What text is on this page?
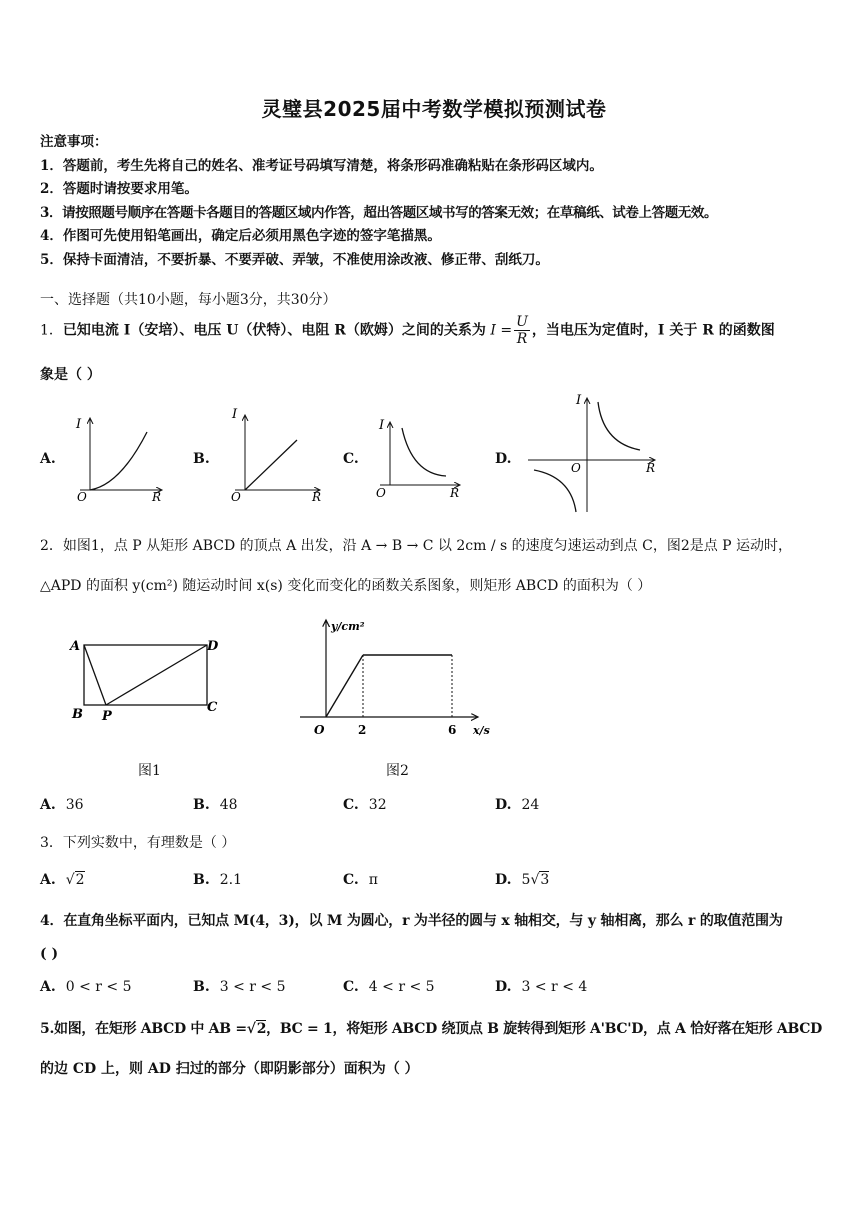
灵璧县2025届中考数学模拟预测试卷
注意事项：
1．答题前，考生先将自己的姓名、准考证号码填写清楚，将条形码准确粘贴在条形码区域内。
2．答题时请按要求用笔。
3．请按照题号顺序在答题卡各题目的答题区域内作答，超出答题区域书写的答案无效；在草稿纸、试卷上答题无效。
4．作图可先使用铅笔画出，确定后必须用黑色字迹的签字笔描黑。
5．保持卡面清洁，不要折暴、不要弄破、弄皱，不准使用涂改液、修正带、刮纸刀。
一、选择题（共10小题，每小题3分，共30分）
1．已知电流 I（安培）、电压 U（伏特）、电阻 R（欧姆）之间的关系为 $I = \frac{U}{R}$ ，当电压为定值时，I 关于 R 的函数图
象是（ ）
A.	B.	C.	D.
I
O	R
I
O	R
I
O	R
I
O	R
A
B P
C
D
y/cm²
O	2	6 x/s
2．如图1，点 P 从矩形 ABCD 的顶点 A 出发，沿 A → B → C 以 2cm / s 的速度匀速运动到点 C，图2是点 P 运动时，
△APD 的面积 y(cm²) 随运动时间 x(s) 变化而变化的函数关系图象，则矩形 ABCD 的面积为（ ）
图1	图2
A. 36	B. 48	C. 32	D. 24
3．下列实数中，有理数是（ ）
A. √2	B. 2.1	C. π	D. 5√3
4．在直角坐标平面内，已知点 M(4，3)，以 M 为圆心，r 为半径的圆与 x 轴相交，与 y 轴相离，那么 r 的取值范围为
( )
A. 0 < r < 5	B. 3 < r < 5	C. 4 < r < 5	D. 3 < r < 4
5.如图，在矩形 ABCD 中 AB =√2，BC = 1，将矩形 ABCD 绕顶点 B 旋转得到矩形 A'BC'D，点 A 恰好落在矩形 ABCD
的边 CD 上，则 AD 扫过的部分（即阴影部分）面积为（ ）
